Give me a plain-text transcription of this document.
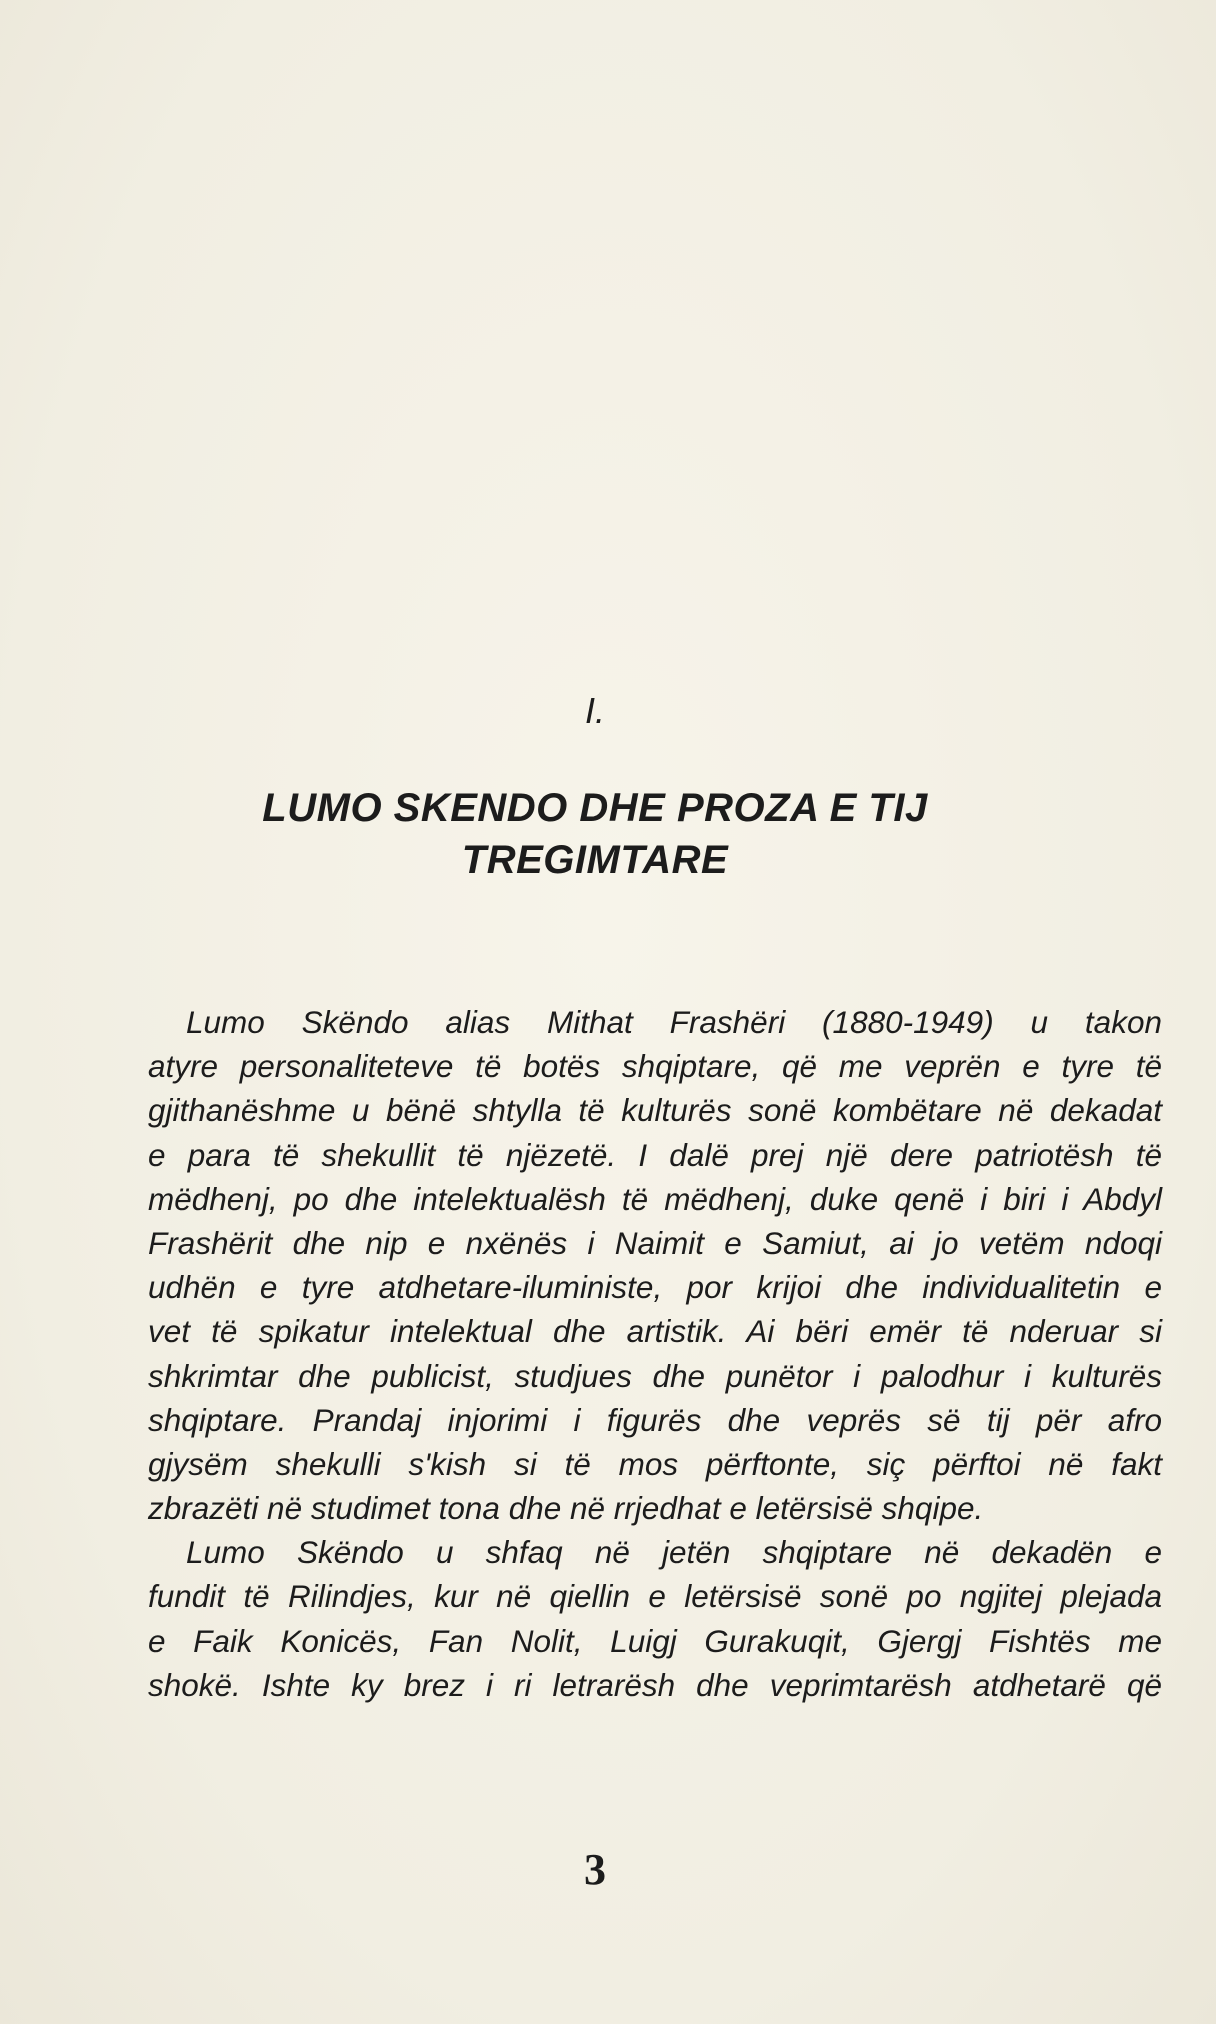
I.
LUMO SKENDO DHE PROZA E TIJ
TREGIMTARE
Lumo Skëndo alias Mithat Frashëri (1880-1949) u takon
atyre personaliteteve të botës shqiptare, që me veprën e tyre të
gjithanëshme u bënë shtylla të kulturës sonë kombëtare në dekadat
e para të shekullit të njëzetë. I dalë prej një dere patriotësh të
mëdhenj, po dhe intelektualësh të mëdhenj, duke qenë i biri i Abdyl
Frashërit dhe nip e nxënës i Naimit e Samiut, ai jo vetëm ndoqi
udhën e tyre atdhetare-iluministe, por krijoi dhe individualitetin e
vet të spikatur intelektual dhe artistik. Ai bëri emër të nderuar si
shkrimtar dhe publicist, studjues dhe punëtor i palodhur i kulturës
shqiptare. Prandaj injorimi i figurës dhe veprës së tij për afro
gjysëm shekulli s'kish si të mos përftonte, siç përftoi në fakt
zbrazëti në studimet tona dhe në rrjedhat e letërsisë shqipe.
Lumo Skëndo u shfaq në jetën shqiptare në dekadën e
fundit të Rilindjes, kur në qiellin e letërsisë sonë po ngjitej plejada
e Faik Konicës, Fan Nolit, Luigj Gurakuqit, Gjergj Fishtës me
shokë. Ishte ky brez i ri letrarësh dhe veprimtarësh atdhetarë që
3
